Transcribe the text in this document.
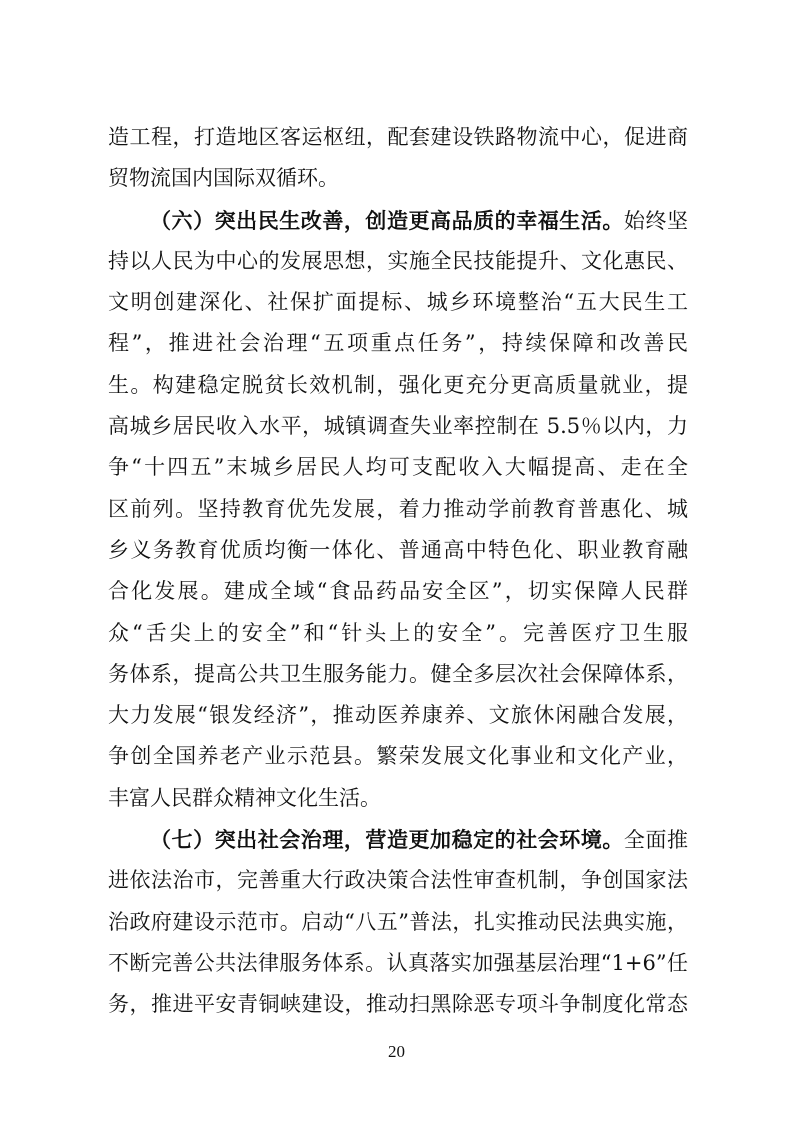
造工程，打造地区客运枢纽，配套建设铁路物流中心，促进商
贸物流国内国际双循环。
（六）突出民生改善，创造更高品质的幸福生活。始终坚
持以人民为中心的发展思想，实施全民技能提升、文化惠民、
文明创建深化、社保扩面提标、城乡环境整治“五大民生工
程”，推进社会治理“五项重点任务”，持续保障和改善民
生。构建稳定脱贫长效机制，强化更充分更高质量就业，提
高城乡居民收入水平，城镇调查失业率控制在 5.5％以内，力
争“十四五”末城乡居民人均可支配收入大幅提高、走在全
区前列。坚持教育优先发展，着力推动学前教育普惠化、城
乡义务教育优质均衡一体化、普通高中特色化、职业教育融
合化发展。建成全域“食品药品安全区”，切实保障人民群
众“舌尖上的安全”和“针头上的安全”。完善医疗卫生服
务体系，提高公共卫生服务能力。健全多层次社会保障体系，
大力发展“银发经济”，推动医养康养、文旅休闲融合发展，
争创全国养老产业示范县。繁荣发展文化事业和文化产业，
丰富人民群众精神文化生活。
（七）突出社会治理，营造更加稳定的社会环境。全面推
进依法治市，完善重大行政决策合法性审查机制，争创国家法
治政府建设示范市。启动“八五”普法，扎实推动民法典实施，
不断完善公共法律服务体系。认真落实加强基层治理“1+6”任
务，推进平安青铜峡建设，推动扫黑除恶专项斗争制度化常态
20
